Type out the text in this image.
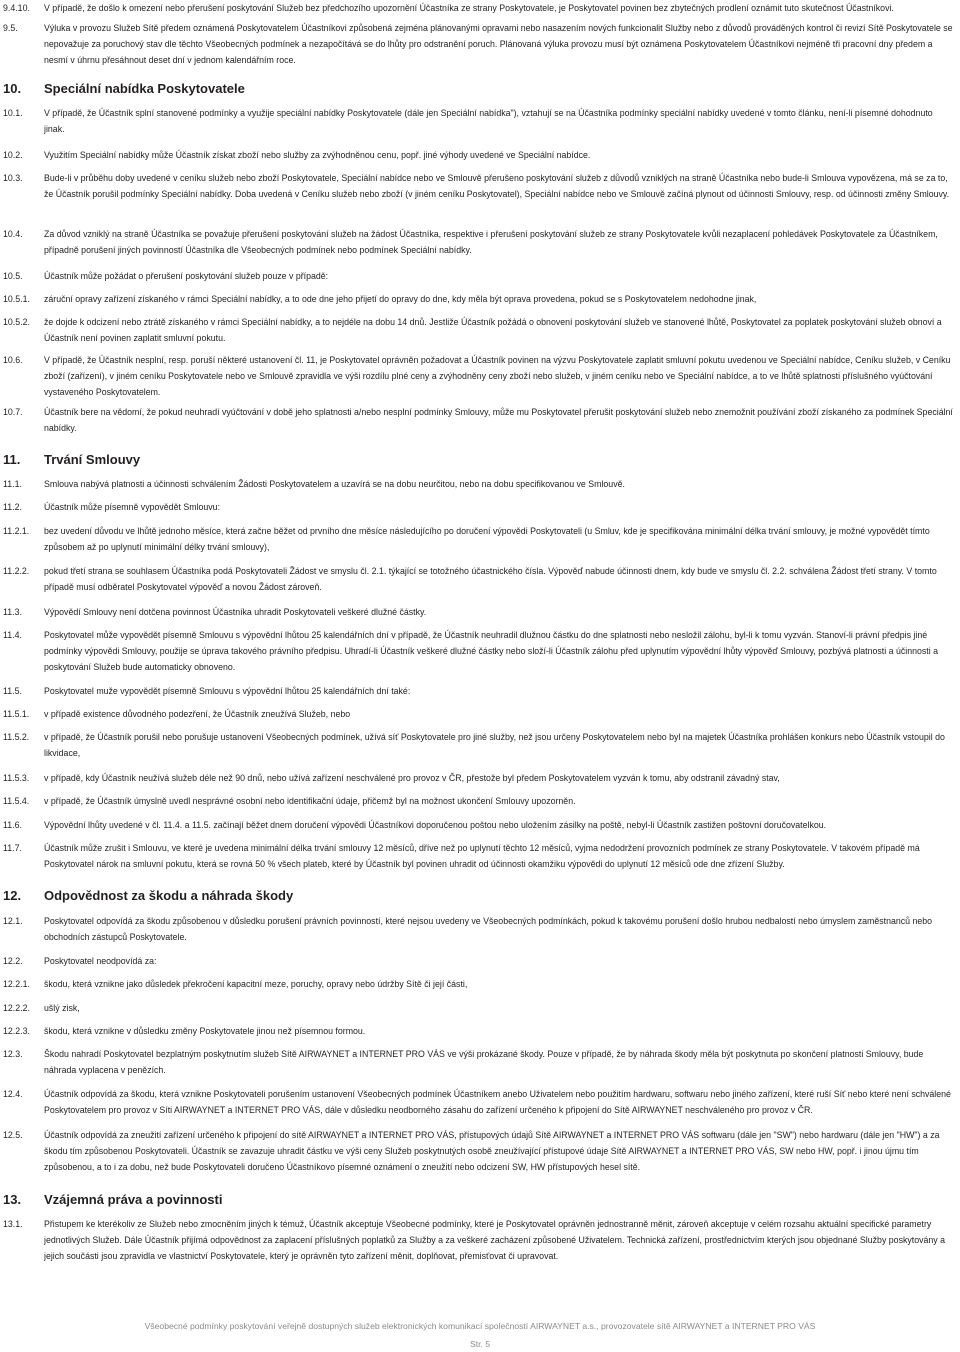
9.4.10.	V případě, že došlo k omezení nebo přerušení poskytování Služeb bez předchozího upozornění Účastníka ze strany Poskytovatele, je Poskytovatel povinen bez zbytečných prodlení oznámit tuto skutečnost Účastníkovi.
9.5.	Výluka v provozu Služeb Sítě předem oznámená Poskytovatelem Účastníkovi způsobená zejména plánovanými opravami nebo nasazením nových funkcionalit Služby nebo z důvodů prováděných kontrol či revizí Sítě Poskytovatele se nepovažuje za poruchový stav dle těchto Všeobecných podmínek a nezapočítává se do lhůty pro odstranění poruch. Plánovaná výluka provozu musí být oznámena Poskytovatelem Účastníkovi nejméně tři pracovní dny předem a nesmí v úhrnu přesáhnout deset dní v jednom kalendářním roce.
10.	Speciální nabídka Poskytovatele
10.1.	V případě, že Účastník splní stanovené podmínky a využije speciální nabídky Poskytovatele (dále jen Speciální nabídka"), vztahují se na Účastníka podmínky speciální nabídky uvedené v tomto článku, není-li písemné dohodnuto jinak.
10.2.	Využitím Speciální nabídky může Účastník získat zboží nebo služby za zvýhodněnou cenu, popř. jiné výhody uvedené ve Speciální nabídce.
10.3.	Bude-li v průběhu doby uvedené v ceníku služeb nebo zboží Poskytovatele, Speciální nabídce nebo ve Smlouvě přerušeno poskytování služeb z důvodů vzniklých na straně Účastníka nebo bude-li Smlouva vypovězena, má se za to, že Účastník porušil podmínky Speciální nabídky. Doba uvedená v Ceníku služeb nebo zboží (v jiném ceníku Poskytovatel), Speciální nabídce nebo ve Smlouvě začíná plynout od účinnosti Smlouvy, resp. od účinnosti změny Smlouvy.
10.4.	Za důvod vzniklý na straně Účastníka se považuje přerušení poskytování služeb na žádost Účastníka, respektive i přerušení poskytování služeb ze strany Poskytovatele kvůli nezaplacení pohledávek Poskytovatele za Účastníkem, případně porušení jiných povinností Účastníka dle Všeobecných podmínek nebo podmínek Speciální nabídky.
10.5.	Účastník může požádat o přerušení poskytování služeb pouze v případě:
10.5.1.	záruční opravy zařízení získaného v rámci Speciální nabídky, a to ode dne jeho přijetí do opravy do dne, kdy měla být oprava provedena, pokud se s Poskytovatelem nedohodne jinak,
10.5.2.	že dojde k odcizení nebo ztrátě získaného v rámci Speciální nabídky, a to nejdéle na dobu 14 dnů. Jestliže Účastník požádá o obnovení poskytování služeb ve stanovené lhůtě, Poskytovatel za poplatek poskytování služeb obnoví a Účastník není povinen zaplatit smluvní pokutu.
10.6.	V případě, že Účastník nesplní, resp. poruší některé ustanovení čl. 11, je Poskytovatel oprávněn požadovat a Účastník povinen na výzvu Poskytovatele zaplatit smluvní pokutu uvedenou ve Speciální nabídce, Ceníku služeb, v Ceníku zboží (zařízení), v jiném ceníku Poskytovatele nebo ve Smlouvě zpravidla ve výši rozdílu plné ceny a zvýhodněny ceny zboží nebo služeb, v jiném ceníku nebo ve Speciální nabídce, a to ve lhůtě splatnosti příslušného vyúčtování vystaveného Poskytovatelem.
10.7.	Účastník bere na vědomí, že pokud neuhradí vyúčtování v době jeho splatnosti a/nebo nesplní podmínky Smlouvy, může mu Poskytovatel přerušit poskytování služeb nebo znemožnit používání zboží získaného za podmínek Speciální nabídky.
11.	Trvání Smlouvy
11.1.	Smlouva nabývá platnosti a účinnosti schválením Žádosti Poskytovatelem a uzavírá se na dobu neurčitou, nebo na dobu specifikovanou ve Smlouvě.
11.2.	Účastník může písemně vypovědět Smlouvu:
11.2.1.	bez uvedení důvodu ve lhůtě jednoho měsíce, která začne běžet od prvního dne měsíce následujícího po doručení výpovědi Poskytovateli (u Smluv, kde je specifikována minimální délka trvání smlouvy, je možné vypovědět tímto způsobem až po uplynutí minimální délky trvání smlouvy),
11.2.2.	pokud třetí strana se souhlasem Účastníka podá Poskytovateli Žádost ve smyslu čl. 2.1. týkající se totožného účastnického čísla. Výpověď nabude účinnosti dnem, kdy bude ve smyslu čl. 2.2. schválena Žádost třetí strany. V tomto případě musí odběratel Poskytovatel výpověď a novou Žádost zároveň.
11.3.	Výpovědí Smlouvy není dotčena povinnost Účastníka uhradit Poskytovateli veškeré dlužné částky.
11.4.	Poskytovatel může vypovědět písemně Smlouvu s výpovědní lhůtou 25 kalendářních dní v případě, že Účastník neuhradil dlužnou částku do dne splatnosti nebo nesložil zálohu, byl-li k tomu vyzván. Stanoví-li právní předpis jiné podmínky výpovědi Smlouvy, použije se úprava takového právního předpisu. Uhradí-li Účastník veškeré dlužné částky nebo složí-li Účastník zálohu před uplynutím výpovědní lhůty výpověď Smlouvy, pozbývá platnosti a účinnosti a poskytování Služeb bude automaticky obnoveno.
11.5.	Poskytovatel muže vypovědět písemně Smlouvu s výpovědní lhůtou 25 kalendářních dní také:
11.5.1.	v případě existence důvodného podezření, že Účastník zneužívá Služeb, nebo
11.5.2.	v případě, že Účastník porušil nebo porušuje ustanovení Všeobecných podmínek, užívá síť Poskytovatele pro jiné služby, než jsou určeny Poskytovatelem nebo byl na majetek Účastníka prohlášen konkurs nebo Účastník vstoupil do likvidace,
11.5.3.	v případě, kdy Účastník neužívá služeb déle než 90 dnů, nebo užívá zařízení neschválené pro provoz v ČR, přestože byl předem Poskytovatelem vyzván k tomu, aby odstranil závadný stav,
11.5.4.	v případě, že Účastník úmyslně uvedl nesprávné osobní nebo identifikační údaje, přičemž byl na možnost ukončení Smlouvy upozorněn.
11.6.	Výpovědní lhůty uvedené v čl. 11.4. a 11.5. začínají běžet dnem doručení výpovědi Účastníkovi doporučenou poštou nebo uložením zásilky na poště, nebyl-li Účastník zastižen poštovní doručovatelkou.
11.7.	Účastník může zrušit i Smlouvu, ve které je uvedena minimální délka trvání smlouvy 12 měsíců, dříve než po uplynutí těchto 12 měsíců, vyjma nedodržení provozních podmínek ze strany Poskytovatele. V takovém případě má Poskytovatel nárok na smluvní pokutu, která se rovná 50 % všech plateb, které by Účastník byl povinen uhradit od účinnosti okamžiku výpovědi do uplynutí 12 měsíců ode dne zřízení Služby.
12.	Odpovědnost za škodu a náhrada škody
12.1.	Poskytovatel odpovídá za škodu způsobenou v důsledku porušení právních povinností, které nejsou uvedeny ve Všeobecných podmínkách, pokud k takovému porušení došlo hrubou nedbalostí nebo úmyslem zaměstnanců nebo obchodních zástupců Poskytovatele.
12.2.	Poskytovatel neodpovídá za:
12.2.1.	škodu, která vznikne jako důsledek překročení kapacitní meze, poruchy, opravy nebo údržby Sítě či její části,
12.2.2.	ušlý zisk,
12.2.3.	škodu, která vznikne v důsledku změny Poskytovatele jinou než písemnou formou.
12.3.	Škodu nahradí Poskytovatel bezplatným poskytnutím služeb Sítě AIRWAYNET a INTERNET PRO VÁS ve výši prokázané škody. Pouze v případě, že by náhrada škody měla být poskytnuta po skončení platnosti Smlouvy, bude náhrada vyplacena v penězích.
12.4.	Účastník odpovídá za škodu, která vznikne Poskytovateli porušením ustanovení Všeobecných podmínek Účastníkem anebo Uživatelem nebo použitím hardwaru, softwaru nebo jiného zařízení, které ruší Síť nebo které není schválené Poskytovatelem pro provoz v Síti AIRWAYNET a INTERNET PRO VÁS, dále v důsledku neodborného zásahu do zařízení určeného k připojení do Sítě AIRWAYNET neschváleného pro provoz v ČR.
12.5.	Účastník odpovídá za zneužití zařízení určeného k připojení do sítě AIRWAYNET a INTERNET PRO VÁS, přístupových údajů Sítě AIRWAYNET a INTERNET PRO VÁS softwaru (dále jen "SW") nebo hardwaru (dále jen "HW") a za škodu tím způsobenou Poskytovateli. Účastník se zavazuje uhradit částku ve výši ceny Služeb poskytnutých osobě zneužívající přístupové údaje Sítě AIRWAYNET a INTERNET PRO VÁS, SW nebo HW, popř. i jinou újmu tím způsobenou, a to i za dobu, než bude Poskytovateli doručeno Účastníkovo písemné oznámení o zneužití nebo odcizení SW, HW přístupových hesel sítě.
13.	Vzájemná práva a povinnosti
13.1.	Přistupem ke kterékoliv ze Služeb nebo zmocněním jiných k témuž, Účastník akceptuje Všeobecné podmínky, které je Poskytovatel oprávněn jednostranně měnit, zároveň akceptuje v celém rozsahu aktuální specifické parametry jednotlivých Služeb. Dále Účastník přijímá odpovědnost za zaplacení příslušných poplatků za Služby a za veškeré zacházení způsobené Uživatelem. Technická zařízení, prostřednictvím kterých jsou objednané Služby poskytovány a jejich součásti jsou zpravidla ve vlastnictví Poskytovatele, který je oprávněn tyto zařízení měnit, doplňovat, přemisťovat či upravovat.
Všeobecné podmínky poskytování veřejně dostupných služeb elektronických komunikací společností AIRWAYNET a.s., provozovatele sítě AIRWAYNET a INTERNET PRO VÁS
Str. 5
